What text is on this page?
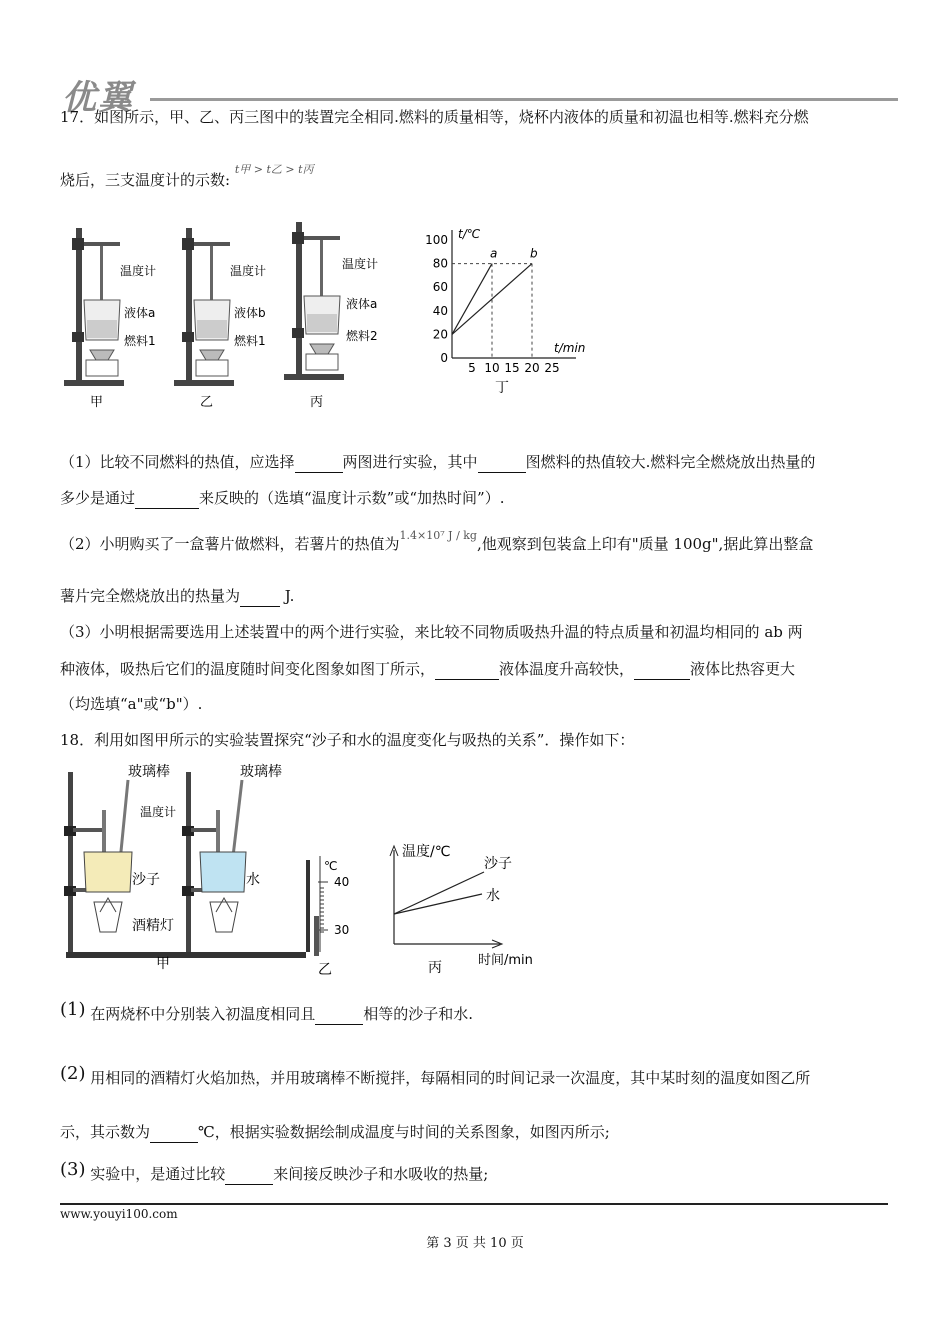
优翼
17．如图所示，甲、乙、丙三图中的装置完全相同.燃料的质量相等，烧杯内液体的质量和初温也相等.燃料充分燃
烧后，三支温度计的示数: $^{t甲 > t乙 > t丙}$
温度计
液体a
燃料1
甲
温度计
液体b
燃料1
乙
温度计
液体a
燃料2
丙
t/℃
t/min
0
20
40
60
80
100
5 10 15 20 25
a	b
丁
（1）比较不同燃料的热值，应选择	两图进行实验，其中	图燃料的热值较大.燃料完全燃烧放出热量的
多少是通过	来反映的（选填“温度计示数”或“加热时间”）.
（2）小明购买了一盒薯片做燃料，若薯片的热值为$^{1.4\times 10^7 J / kg}$,他观察到包装盒上印有"质量 100g",据此算出整盒
薯片完全燃烧放出的热量为	J.
（3）小明根据需要选用上述装置中的两个进行实验，来比较不同物质吸热升温的特点质量和初温均相同的 ab 两
种液体，吸热后它们的温度随时间变化图象如图丁所示，	液体温度升高较快，	液体比热容更大
（均选填“a"或“b"）.
18．利用如图甲所示的实验装置探究“沙子和水的温度变化与吸热的关系”．操作如下：
玻璃棒	玻璃棒
温度计
沙子	水
酒精灯
甲
℃
40
30
乙
温度/℃
沙子
水
时间/min
丙
(1) 在两烧杯中分别装入初温度相同且	相等的沙子和水.
(2) 用相同的酒精灯火焰加热，并用玻璃棒不断搅拌，每隔相同的时间记录一次温度，其中某时刻的温度如图乙所
示，其示数为	℃，根据实验数据绘制成温度与时间的关系图象，如图丙所示;
(3) 实验中，是通过比较	来间接反映沙子和水吸收的热量;
www.youyi100.com
第 3 页 共 10 页
